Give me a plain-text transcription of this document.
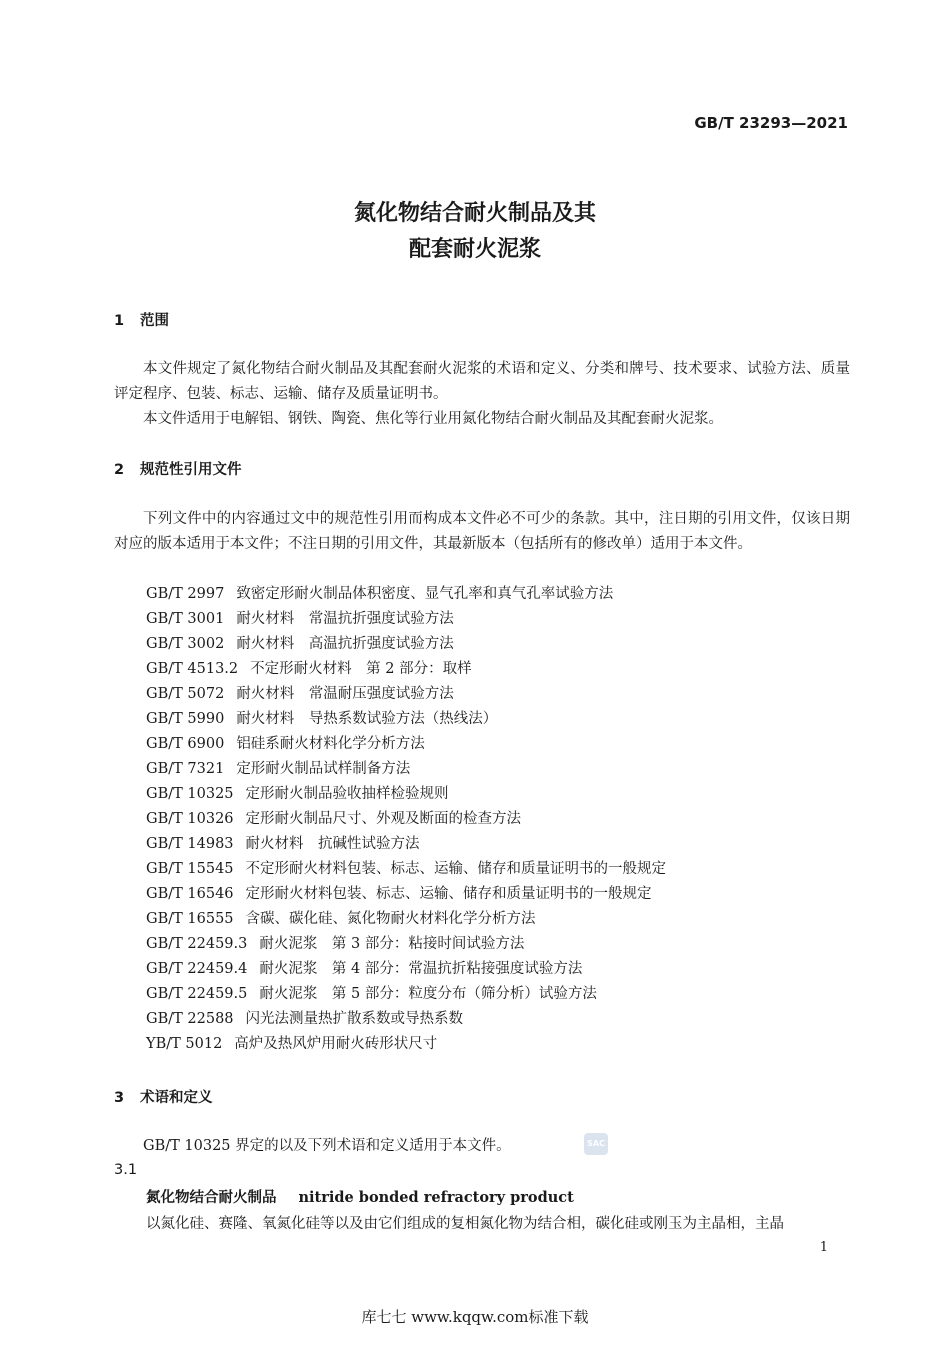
GB/T 23293—2021
氮化物结合耐火制品及其
配套耐火泥浆
1 范围
本文件规定了氮化物结合耐火制品及其配套耐火泥浆的术语和定义、分类和牌号、技术要求、试验方法、质量评定程序、包装、标志、运输、储存及质量证明书。
本文件适用于电解铝、钢铁、陶瓷、焦化等行业用氮化物结合耐火制品及其配套耐火泥浆。
2 规范性引用文件
下列文件中的内容通过文中的规范性引用而构成本文件必不可少的条款。其中，注日期的引用文件，仅该日期对应的版本适用于本文件；不注日期的引用文件，其最新版本（包括所有的修改单）适用于本文件。
GB/T 2997 致密定形耐火制品体积密度、显气孔率和真气孔率试验方法
GB/T 3001 耐火材料　常温抗折强度试验方法
GB/T 3002 耐火材料　高温抗折强度试验方法
GB/T 4513.2 不定形耐火材料　第 2 部分：取样
GB/T 5072 耐火材料　常温耐压强度试验方法
GB/T 5990 耐火材料　导热系数试验方法（热线法）
GB/T 6900 铝硅系耐火材料化学分析方法
GB/T 7321 定形耐火制品试样制备方法
GB/T 10325 定形耐火制品验收抽样检验规则
GB/T 10326 定形耐火制品尺寸、外观及断面的检查方法
GB/T 14983 耐火材料　抗碱性试验方法
GB/T 15545 不定形耐火材料包装、标志、运输、储存和质量证明书的一般规定
GB/T 16546 定形耐火材料包装、标志、运输、储存和质量证明书的一般规定
GB/T 16555 含碳、碳化硅、氮化物耐火材料化学分析方法
GB/T 22459.3 耐火泥浆　第 3 部分：粘接时间试验方法
GB/T 22459.4 耐火泥浆　第 4 部分：常温抗折粘接强度试验方法
GB/T 22459.5 耐火泥浆　第 5 部分：粒度分布（筛分析）试验方法
GB/T 22588 闪光法测量热扩散系数或导热系数
YB/T 5012 高炉及热风炉用耐火砖形状尺寸
3 术语和定义
GB/T 10325 界定的以及下列术语和定义适用于本文件。	SAC
3.1
氮化物结合耐火制品 nitride bonded refractory product
以氮化硅、赛隆、氧氮化硅等以及由它们组成的复相氮化物为结合相，碳化硅或刚玉为主晶相，主晶
1
库七七 www.kqqw.com标准下载
